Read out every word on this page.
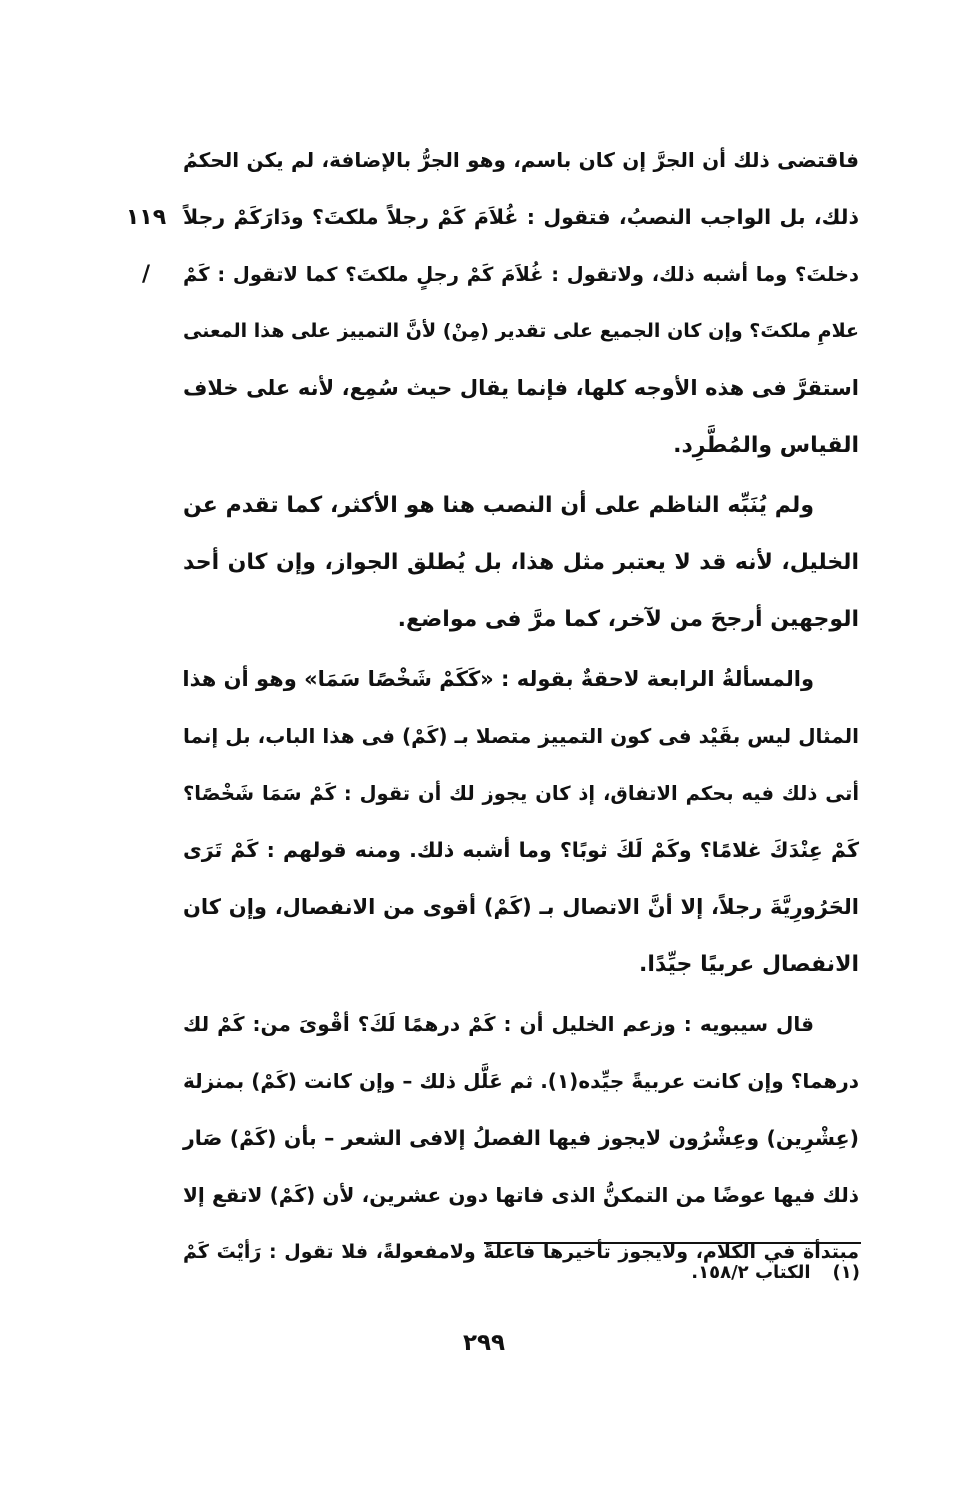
١١٩ /
فاقتضى ذلك أن الجرَّ إن كان باسم، وهو الجرُّ بالإضافة، لم يكن الحكمُ
ذلك، بل الواجب النصبُ، فتقول : غُلاَمَ كَمْ رجلاً ملكتَ؟ ودَارَكَمْ رجلاً
دخلتَ؟ وما أشبه ذلك، ولاتقول : غُلاَمَ كَمْ رجلٍ ملكتَ؟ كما لاتقول : كَمْ
علامِ ملكتَ؟ وإن كان الجميع على تقدير (مِنْ) لأنَّ التمييز على هذا المعنى
استقرَّ فى هذه الأوجه كلها، فإنما يقال حيث سُمِع، لأنه على خلاف
القياس والمُطَّرِد.
ولم يُنَبِّه الناظم على أن النصب هنا هو الأكثر، كما تقدم عن
الخليل، لأنه قد لا يعتبر مثل هذا، بل يُطلق الجواز، وإن كان أحد
الوجهين أرجحَ من لآخر، كما مرَّ فى مواضع.
والمسألةُ الرابعة لاحقةٌ بقوله : «كَكَمْ شَخْصًا سَمَا» وهو أن هذا
المثال ليس بقَيْد فى كون التمييز متصلا بـ (كَمْ) فى هذا الباب، بل إنما
أتى ذلك فيه بحكم الاتفاق، إذ كان يجوز لك أن تقول : كَمْ سَمَا شَخْصًا؟
كَمْ عِنْدَكَ غلامًا؟ وكَمْ لَكَ ثوبًا؟ وما أشبه ذلك. ومنه قولهم : كَمْ تَرَى
الحَرُورِيَّةَ رجلاً، إلا أنَّ الاتصال بـ (كَمْ) أقوى من الانفصال، وإن كان
الانفصال عربيًا جيِّدًا.
قال سيبويه : وزعم الخليل أن : كَمْ درهمًا لَكَ؟ أقْوىَ من: كَمْ لك
درهما؟ وإن كانت عربيةً جيِّده(١). ثم عَلَّل ذلك – وإن كانت (كَمْ) بمنزلة
(عِشْرِين) وعِشْرُون لايجوز فيها الفصلُ إلافى الشعر – بأن (كَمْ) صَار
ذلك فيها عوضًا من التمكنُّ الذى فاتها دون عشرين، لأن (كَمْ) لاتقع إلا
مبتدأة في الكلام، ولايجوز تأخيرها فاعلةً ولامفعولةً، فلا تقول : رَأيْتَ كَمْ
(١)الكتاب ١٥٨/٢.
٢٩٩
